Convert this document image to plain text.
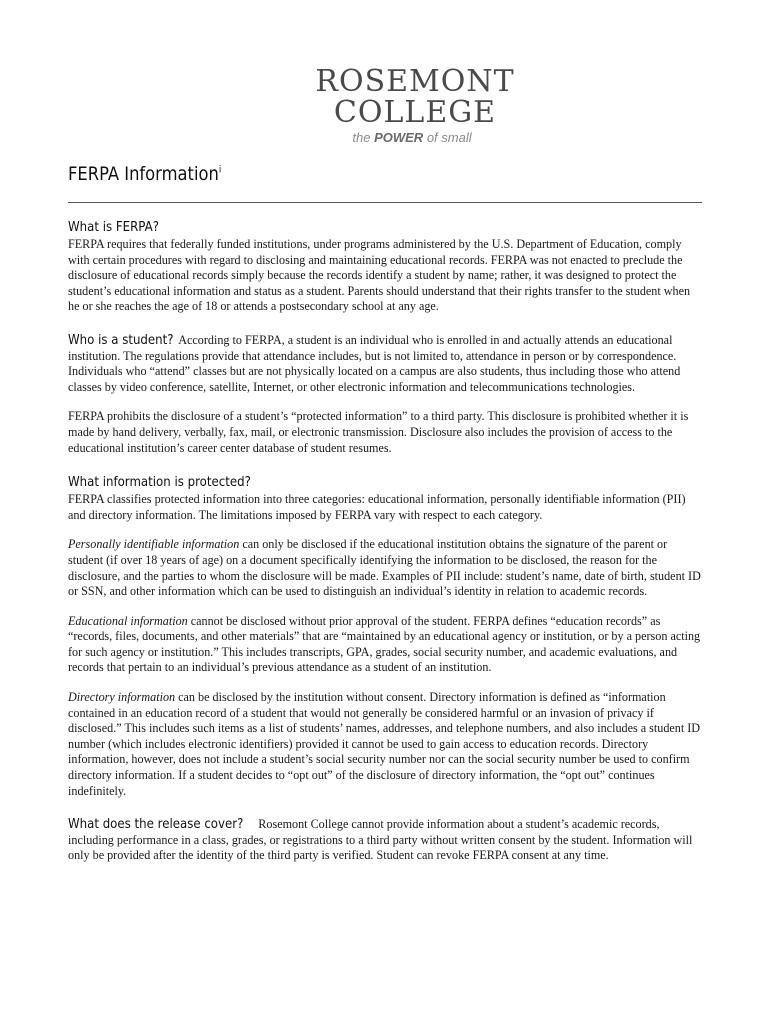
ROSEMONT
COLLEGE
the POWER of small
FERPA Information$^i$
What is FERPA?

FERPA requires that federally funded institutions, under programs administered by the U.S. Department of Education, comply with certain procedures with regard to disclosing and maintaining educational records. FERPA was not enacted to preclude the disclosure of educational records simply because the records identify a student by name; rather, it was designed to protect the student’s educational information and status as a student. Parents should understand that their rights transfer to the student when he or she reaches the age of 18 or attends a postsecondary school at any age.

Who is a student? According to FERPA, a student is an individual who is enrolled in and actually attends an educational institution. The regulations provide that attendance includes, but is not limited to, attendance in person or by correspondence. Individuals who “attend” classes but are not physically located on a campus are also students, thus including those who attend classes by video conference, satellite, Internet, or other electronic information and telecommunications technologies.

FERPA prohibits the disclosure of a student’s “protected information” to a third party. This disclosure is prohibited whether it is made by hand delivery, verbally, fax, mail, or electronic transmission. Disclosure also includes the provision of access to the educational institution’s career center database of student resumes.

What information is protected?

FERPA classifies protected information into three categories: educational information, personally identifiable information (PII) and directory information. The limitations imposed by FERPA vary with respect to each category.

Personally identifiable information can only be disclosed if the educational institution obtains the signature of the parent or student (if over 18 years of age) on a document specifically identifying the information to be disclosed, the reason for the disclosure, and the parties to whom the disclosure will be made. Examples of PII include: student’s name, date of birth, student ID or SSN, and other information which can be used to distinguish an individual’s identity in relation to academic records.

Educational information cannot be disclosed without prior approval of the student. FERPA defines “education records” as “records, files, documents, and other materials” that are “maintained by an educational agency or institution, or by a person acting for such agency or institution.” This includes transcripts, GPA, grades, social security number, and academic evaluations, and records that pertain to an individual’s previous attendance as a student of an institution.

Directory information can be disclosed by the institution without consent. Directory information is defined as “information contained in an education record of a student that would not generally be considered harmful or an invasion of privacy if disclosed.” This includes such items as a list of students’ names, addresses, and telephone numbers, and also includes a student ID number (which includes electronic identifiers) provided it cannot be used to gain access to education records. Directory information, however, does not include a student’s social security number nor can the social security number be used to confirm directory information. If a student decides to “opt out” of the disclosure of directory information, the “opt out” continues indefinitely.

What does the release cover? Rosemont College cannot provide information about a student’s academic records, including performance in a class, grades, or registrations to a third party without written consent by the student. Information will only be provided after the identity of the third party is verified. Student can revoke FERPA consent at any time.
